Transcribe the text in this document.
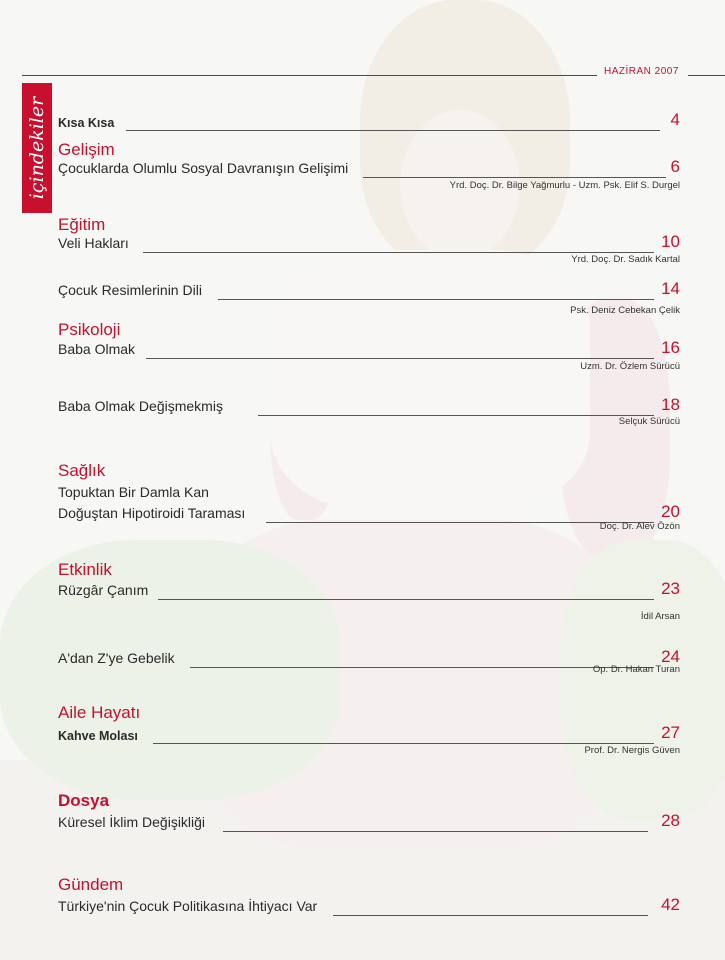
HAZİRAN 2007
içindekiler Kısa Kısa	4
Gelişim
Çocuklarda Olumlu Sosyal Davranışın Gelişimi	6
Yrd. Doç. Dr. Bilge Yağmurlu - Uzm. Psk. Elif S. Durgel
Eğitim
Veli Hakları	10
Yrd. Doç. Dr. Sadık Kartal
Çocuk Resimlerinin Dili	14
Psk. Deniz Cebekan Çelik
Psikoloji
Baba Olmak	16
Uzm. Dr. Özlem Sürücü
Baba Olmak Değişmekmiş	18
Selçuk Sürücü
Sağlık
Topuktan Bir Damla Kan
Doğuştan Hipotiroidi Taraması	20
Doç. Dr. Alev Özön
Etkinlik
Rüzgâr Çanım	23
İdil Arsan
A'dan Z'ye Gebelik	24
Op. Dr. Hakan Turan
Aile Hayatı
Kahve Molası	27
Prof. Dr. Nergis Güven
Dosya
Küresel İklim Değişikliği	28
Gündem
Türkiye'nin Çocuk Politikasına İhtiyacı Var	42
